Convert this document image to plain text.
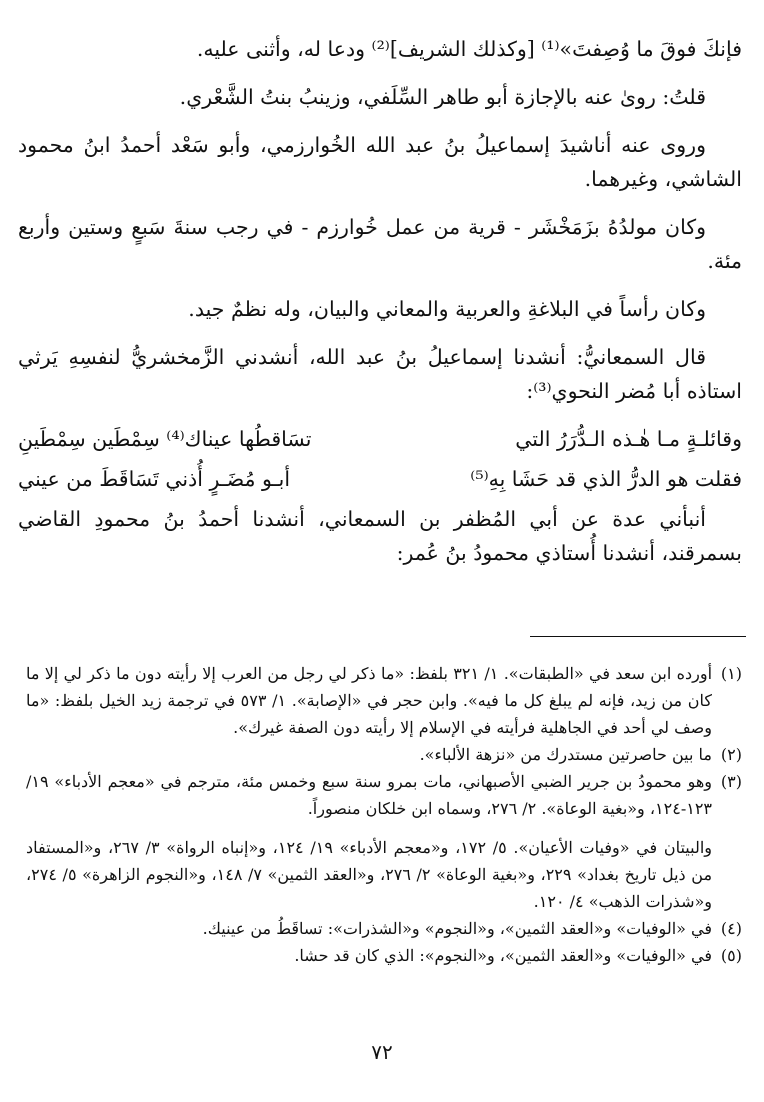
فإنكَ فوقَ ما وُصِفتَ»⁽¹⁾ [وكذلك الشريف]⁽²⁾ ودعا له، وأثنى عليه.

قلتُ: روىٰ عنه بالإجازة أبو طاهر السِّلَفي، وزينبُ بنتُ الشَّعْري.

وروى عنه أناشيدَ إسماعيلُ بنُ عبد الله الخُوارزمي، وأبو سَعْد أحمدُ ابنُ محمود الشاشي، وغيرهما.

وكان مولدُهُ بزَمَخْشَر - قرية من عمل خُوارزم - في رجب سنةَ سَبعٍ وستين وأربع مئة.

وكان رأساً في البلاغةِ والعربية والمعاني والبيان، وله نظمٌ جيد.

قال السمعانيُّ: أنشدنا إسماعيلُ بنُ عبد الله، أنشدني الزَّمخشريُّ لنفسِهِ يَرثي استاذه أبا مُضر النحوي⁽³⁾:

وقائلـةٍ مـا هٰـذه الـدُّرَرُ التي
تسَاقطُها عيناك⁽⁴⁾ سِمْطَين سِمْطَينِ
فقلت هو الدرُّ الذي قد حَشَا بِهِ⁽⁵⁾
أبـو مُضَـرٍ أُذني تَسَاقَطَ من عيني

أنبأني عدة عن أبي المُظفر بن السمعاني، أنشدنا أحمدُ بنُ محمودِ القاضي بسمرقند، أنشدنا أُستاذي محمودُ بنُ عُمر:

(١)
أورده ابن سعد في «الطبقات». ١/ ٣٢١ بلفظ: «ما ذكر لي رجل من العرب إلا رأيته دون ما ذكر لي إلا ما كان من زيد، فإنه لم يبلغ كل ما فيه». وابن حجر في «الإصابة». ١/ ٥٧٣ في ترجمة زيد الخيل بلفظ: «ما وصف لي أحد في الجاهلية فرأيته في الإسلام إلا رأيته دون الصفة غيرك».
(٢)
ما بين حاصرتين مستدرك من «نزهة الألباء».
(٣)
وهو محمودُ بن جرير الضبي الأصبهاني، مات بمرو سنة سبع وخمس مئة، مترجم في «معجم الأدباء» ١٩/ ١٢٣-١٢٤، و«بغية الوعاة». ٢/ ٢٧٦، وسماه ابن خلكان منصوراً.
والبيتان في «وفيات الأعيان». ٥/ ١٧٢، و«معجم الأدباء» ١٩/ ١٢٤، و«إنباه الرواة» ٣/ ٢٦٧، و«المستفاد من ذيل تاريخ بغداد» ٢٢٩، و«بغية الوعاة» ٢/ ٢٧٦، و«العقد الثمين» ٧/ ١٤٨، و«النجوم الزاهرة» ٥/ ٢٧٤، و«شذرات الذهب» ٤/ ١٢٠.
(٤)
في «الوفيات» و«العقد الثمين»، و«النجوم» و«الشذرات»: تساقَطُ من عينيك.
(٥)
في «الوفيات» و«العقد الثمين»، و«النجوم»: الذي كان قد حشا.
٧٢
